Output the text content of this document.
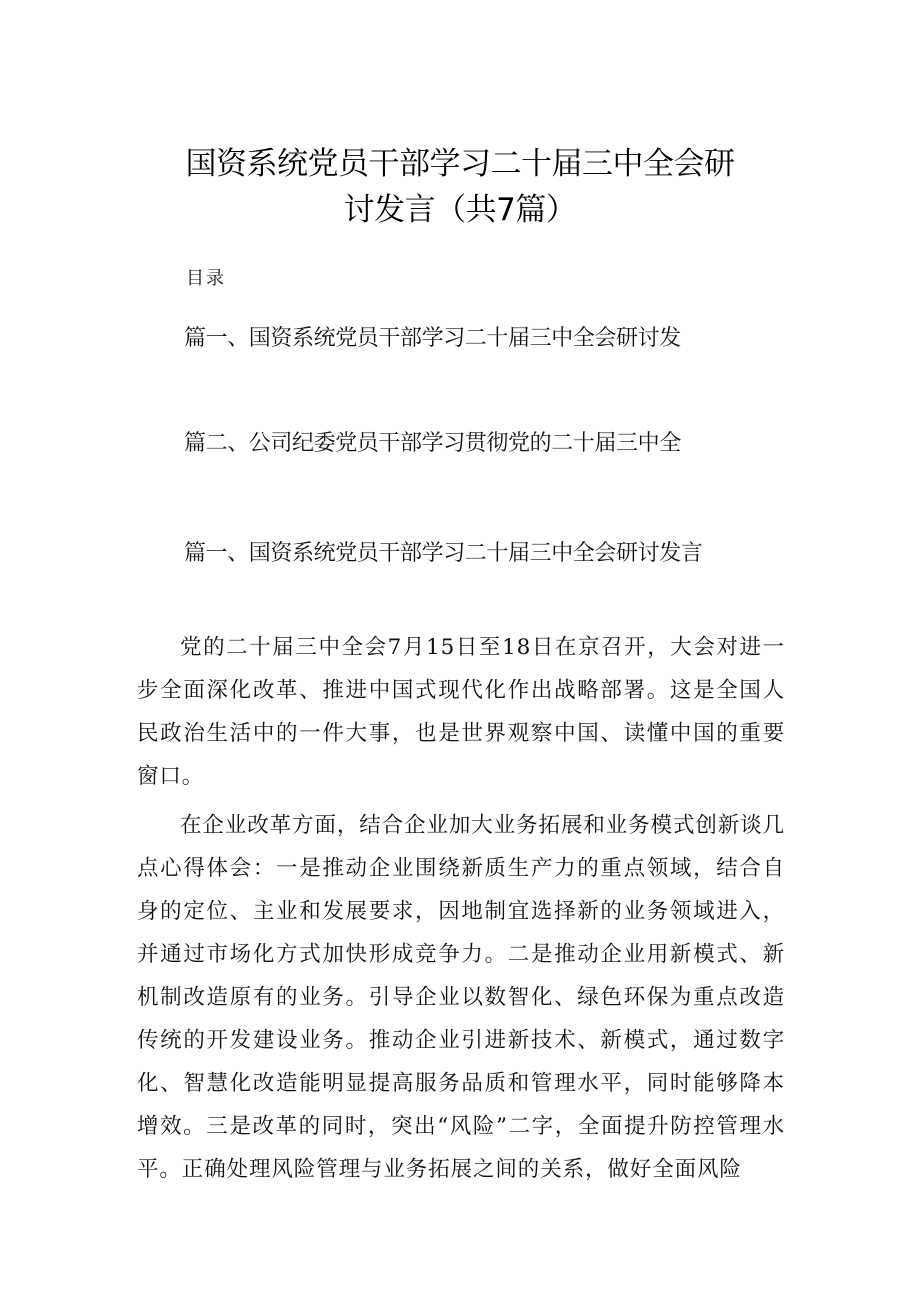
国资系统党员干部学习二十届三中全会研
讨发言（共7篇）
目录
篇一、国资系统党员干部学习二十届三中全会研讨发
篇二、公司纪委党员干部学习贯彻党的二十届三中全
篇一、国资系统党员干部学习二十届三中全会研讨发言

党的二十届三中全会7月15日至18日在京召开，大会对进一步全面深化改革、推进中国式现代化作出战略部署。这是全国人民政治生活中的一件大事，也是世界观察中国、读懂中国的重要窗口。

在企业改革方面，结合企业加大业务拓展和业务模式创新谈几点心得体会：一是推动企业围绕新质生产力的重点领域，结合自身的定位、主业和发展要求，因地制宜选择新的业务领域进入，并通过市场化方式加快形成竞争力。二是推动企业用新模式、新机制改造原有的业务。引导企业以数智化、绿色环保为重点改造传统的开发建设业务。推动企业引进新技术、新模式，通过数字化、智慧化改造能明显提高服务品质和管理水平，同时能够降本增效。三是改革的同时，突出“风险”二字，全面提升防控管理水平。正确处理风险管理与业务拓展之间的关系，做好全面风险
